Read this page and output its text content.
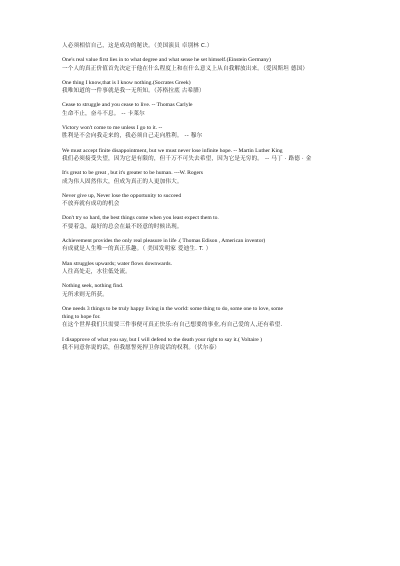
人必须相信自己，这是成功的秘诀。（美国演员 卓别林 C.）
One's real value first lies in to what degree and what sense he set himself.(Einstein Germany)
一个人的真正价值首先决定于他在什么程度上和在什么意义上从自我解放出来。（爱因斯坦 德国）
One thing I know,that is I know nothing.(Socrates Greek)
我唯知道的一件事就是我一无所知。（苏格拉底 古希腊）
Cease to struggle and you cease to live. -- Thomas Carlyle
生命不止，奋斗不息。 -- 卡莱尔
Victory won't come to me unless I go to it. --
胜利是不会向我走来的，我必须自己走向胜利。 -- 穆尔
We must accept finite disappointment, but we must never lose infinite hope. -- Martin Luther King
我们必须接受失望，因为它是有限的，但千万不可失去希望，因为它是无穷的。 -- 马丁 · 路德 · 金
It's great to be great , but it's greater to be human. ---W. Rogers
成为伟人固然伟大，但成为真正的人更加伟大。
Never give up, Never lose the opportunity to succeed
不放弃就有成功的机会
Don't try so hard, the best things come when you least expect them to.
不要着急，最好的总会在最不经意的时候出现。
Achievement provides the only real pleasure in life .( Thomas Edison , American inventor)
有成就是人生唯一的真正乐趣。（ 美国发明家 爱迪生. T. ）
Man struggles upwards; water flows downwards.
人往高处走，水往低处流。
Nothing seek, nothing find.
无所求则无所获。
One needs 3 things to be truly happy living in the world: some thing to do, some one to love, some
thing to hope for.
在这个世界我们只需要三件事便可真正快乐:有自己想要的事业,有自己爱的人,还有希望.
I disapprove of what you say, but I will defend to the death your right to say it.( Voltaire )
我不同意你说的话，但我愿誓死捍卫你说话的权利。（伏尔泰）
